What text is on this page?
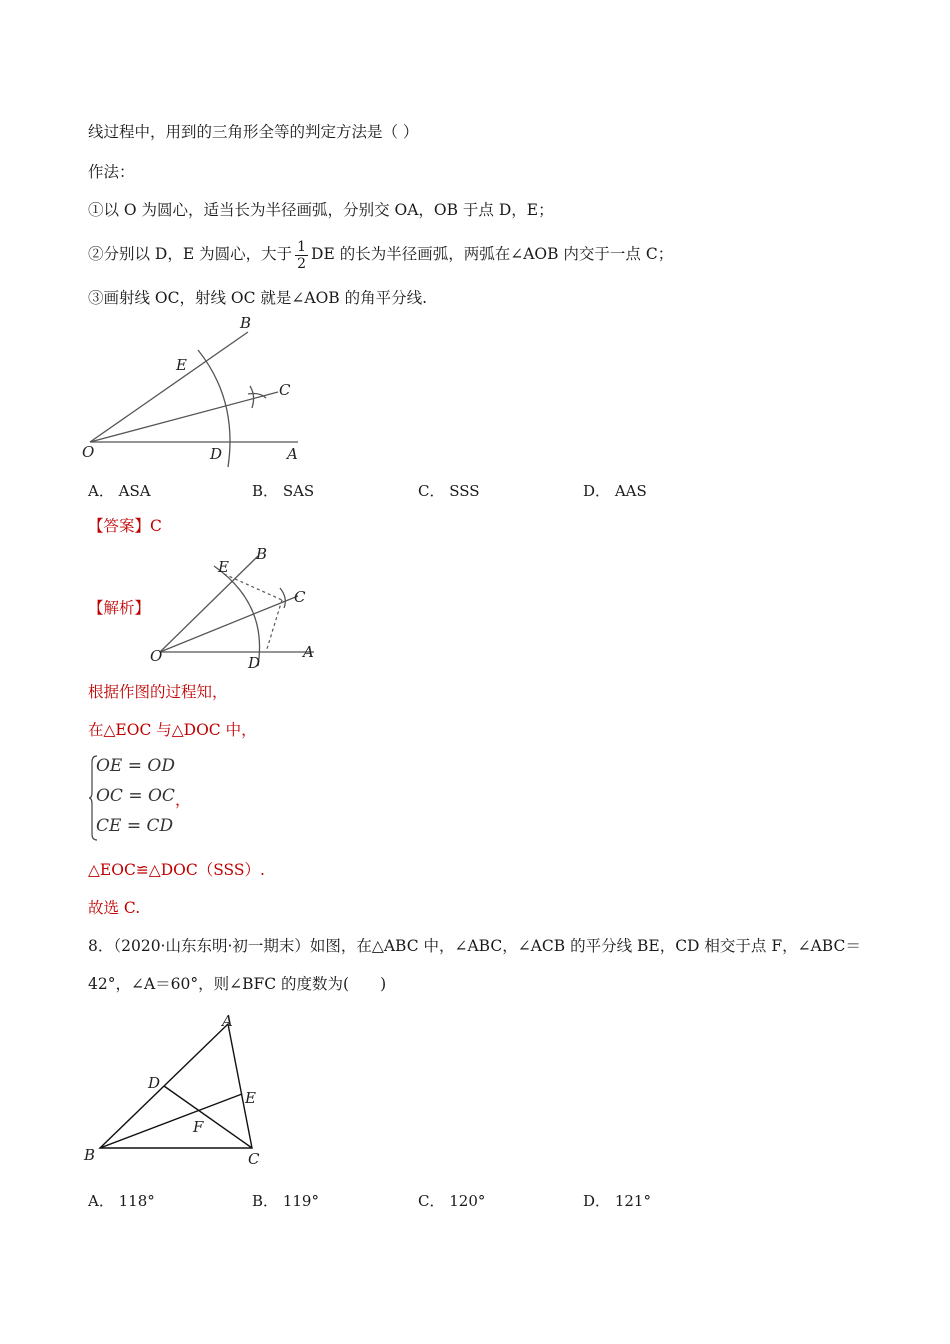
线过程中，用到的三角形全等的判定方法是（ ）
作法：
①以 O 为圆心，适当长为半径画弧，分别交 OA，OB 于点 D，E；
②分别以 D，E 为圆心，大于 $\frac{1}{2}$ DE 的长为半径画弧，两弧在∠AOB 内交于一点 C；
③画射线 OC，射线 OC 就是∠AOB 的角平分线.
O	A
B
C
D
E
A． ASA	B． SAS	C． SSS	D． AAS
【答案】C
【解析】
O	A
B
C
D
E
根据作图的过程知，
在△EOC 与△DOC 中，
OE = OD
OC = OC
CE = CD
，
△EOC≌△DOC（SSS）.
故选 C.
8．（2020·山东东明·初一期末）如图，在△ABC 中，∠ABC，∠ACB 的平分线 BE，CD 相交于点 F，∠ABC＝
42°，∠A＝60°，则∠BFC 的度数为(　　)
A
B	C
D
E
F
A． 118°	B． 119°	C． 120°	D． 121°
